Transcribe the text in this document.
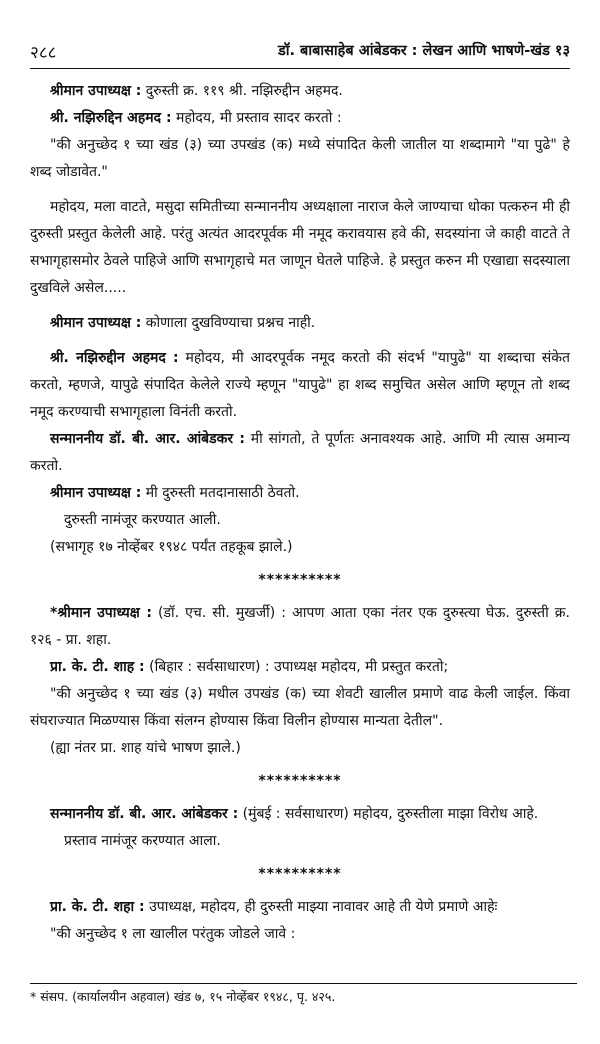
२८८	डॉ. बाबासाहेब आंबेडकर : लेखन आणि भाषणे-खंड १३

श्रीमान उपाध्यक्ष : दुरुस्ती क्र. ११९ श्री. नझिरुद्दीन अहमद.

श्री. नझिरुद्दिन अहमद : महोदय, मी प्रस्ताव सादर करतो :

"की अनुच्छेद १ च्या खंड (३) च्या उपखंड (क) मध्ये संपादित केली जातील या शब्दामागे "या पुढे" हे शब्द जोडावेत."

महोदय, मला वाटते, मसुदा समितीच्या सन्माननीय अध्यक्षाला नाराज केले जाण्याचा धोका पत्करुन मी ही दुरुस्ती प्रस्तुत केलेली आहे. परंतु अत्यंत आदरपूर्वक मी नमूद करावयास हवे की, सदस्यांना जे काही वाटते ते सभागृहासमोर ठेवले पाहिजे आणि सभागृहाचे मत जाणून घेतले पाहिजे. हे प्रस्तुत करुन मी एखाद्या सदस्याला दुखविले असेल.....

श्रीमान उपाध्यक्ष : कोणाला दुखविण्याचा प्रश्नच नाही.

श्री. नझिरुद्दीन अहमद : महोदय, मी आदरपूर्वक नमूद करतो की संदर्भ "यापुढे" या शब्दाचा संकेत करतो, म्हणजे, यापुढे संपादित केलेले राज्ये म्हणून "यापुढे" हा शब्द समुचित असेल आणि म्हणून तो शब्द नमूद करण्याची सभागृहाला विनंती करतो.

सन्माननीय डॉ. बी. आर. आंबेडकर : मी सांगतो, ते पूर्णतः अनावश्यक आहे. आणि मी त्यास अमान्य करतो.

श्रीमान उपाध्यक्ष : मी दुरुस्ती मतदानासाठी ठेवतो.

दुरुस्ती नामंजूर करण्यात आली.

(सभागृह १७ नोव्हेंबर १९४८ पर्यंत तहकूब झाले.)

**********

*श्रीमान उपाध्यक्ष : (डॉ. एच. सी. मुखर्जी) : आपण आता एका नंतर एक दुरुस्त्या घेऊ. दुरुस्ती क्र. १२६ - प्रा. शहा.

प्रा. के. टी. शाह : (बिहार : सर्वसाधारण) : उपाध्यक्ष महोदय, मी प्रस्तुत करतो;

"की अनुच्छेद १ च्या खंड (३) मधील उपखंड (क) च्या शेवटी खालील प्रमाणे वाढ केली जाईल. किंवा संघराज्यात मिळण्यास किंवा संलग्न होण्यास किंवा विलीन होण्यास मान्यता देतील".

(ह्या नंतर प्रा. शाह यांचे भाषण झाले.)

**********

सन्माननीय डॉ. बी. आर. आंबेडकर : (मुंबई : सर्वसाधारण) महोदय, दुरुस्तीला माझा विरोध आहे.

प्रस्ताव नामंजूर करण्यात आला.

**********

प्रा. के. टी. शहा : उपाध्यक्ष, महोदय, ही दुरुस्ती माझ्या नावावर आहे ती येणे प्रमाणे आहेः

"की अनुच्छेद १ ला खालील परंतुक जोडले जावे :

* संसप. (कार्यालयीन अहवाल) खंड ७, १५ नोव्हेंबर १९४८, पृ. ४२५.
